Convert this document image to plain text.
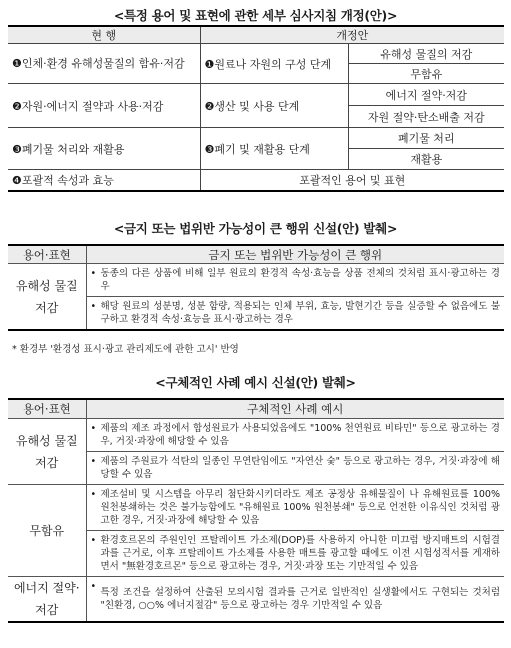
<특정 용어 및 표현에 관한 세부 심사지침 개정(안)>
현 행	개정안	
❶인체·환경 유해성물질의 함유·저감	❶원료나 자원의 구성 단계	유해성 물질의 저감
		무함유
❷자원·에너지 절약과 사용·저감	❷생산 및 사용 단계	에너지 절약·저감
		자원 절약·탄소배출 저감
❸폐기물 처리와 재활용	❸폐기 및 재활용 단계	폐기물 처리
		재활용
❹포괄적 속성과 효능	포괄적인 용어 및 표현	
<금지 또는 법위반 가능성이 큰 행위 신설(안) 발췌>
용어·표현	금지 또는 법위반 가능성이 큰 행위
유해성 물질 저감	• 동종의 다른 상품에 비해 일부 원료의 환경적 속성·효능을 상품 전체의 것처럼 표시·광고하는 경우

	• 해당 원료의 성분명, 성분 함량, 적용되는 인체 부위, 효능, 발현기간 등을 실증할 수 없음에도 불구하고 환경적 속성·효능을 표시·광고하는 경우
* 환경부 '환경성 표시·광고 관리제도에 관한 고시' 반영
<구체적인 사례 예시 신설(안) 발췌>
용어·표현	구체적인 사례 예시
유해성 물질 저감	• 제품의 제조 과정에서 합성원료가 사용되었음에도 "100% 천연원료 비타민" 등으로 광고하는 경우, 거짓·과장에 해당할 수 있음

	• 제품의 주원료가 석탄의 일종인 무연탄임에도 "자연산 숯" 등으로 광고하는 경우, 거짓·과장에 해당할 수 있음
무함유	• 제조설비 및 시스템을 아무리 첨단화시키더라도 제조 공정상 유해물질이 나 유해원료를 100% 원천봉쇄하는 것은 불가능함에도 "유해원료 100% 원천봉쇄" 등으로 언전한 이유식인 것처럼 광고한 경우, 거짓·과장에 해당할 수 있음

	• 환경호르몬의 주원인인 프탈레이트 가소제(DOP)를 사용하지 아니한 미끄럼 방지매트의 시험결과를 근거로, 이후 프탈레이트 가소제를 사용한 매트를 광고할 때에도 이전 시험성적서를 게재하면서 "無환경호르몬" 등으로 광고하는 경우, 거짓·과장 또는 기만적일 수 있음
에너지 절약·저감	•
특정 조건을 설정하여 산출된 모의시험 결과를 근거로 일반적인 실생활에서도 구현되는 것처럼 "친환경, ○○% 에너지절감" 등으로 광고하는 경우 기만적일 수 있음
